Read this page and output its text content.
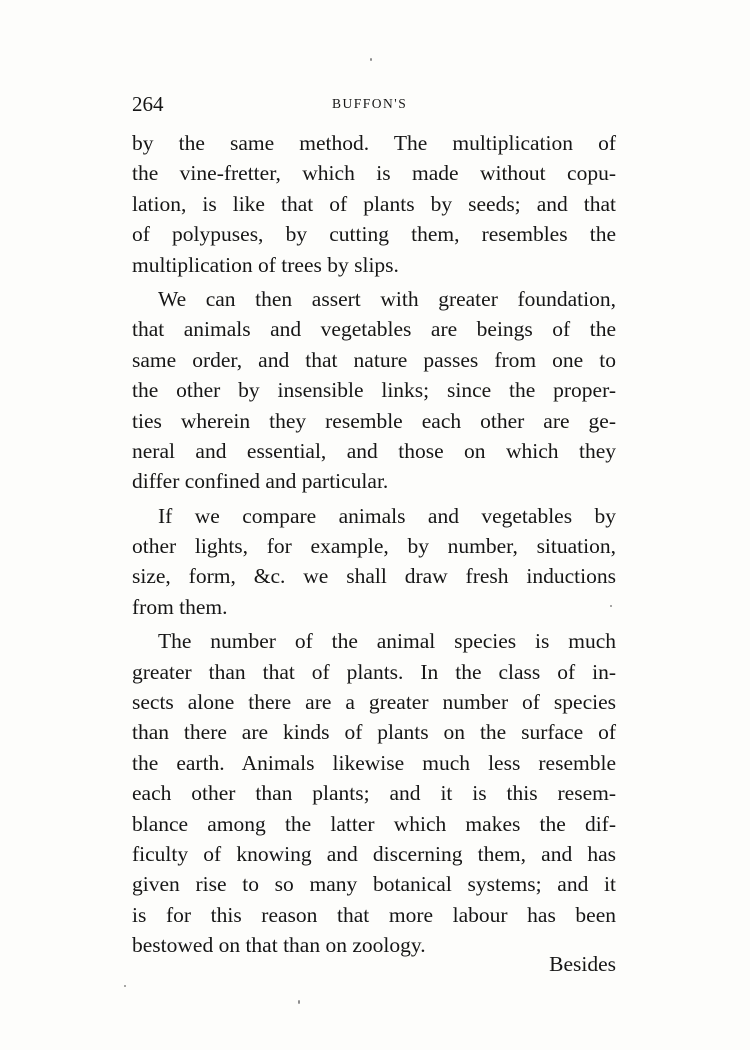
264	BUFFON'S
by the same method. The multiplication of
the vine-fretter, which is made without copu-
lation, is like that of plants by seeds; and that
of polypuses, by cutting them, resembles the
multiplication of trees by slips.
We can then assert with greater foundation,
that animals and vegetables are beings of the
same order, and that nature passes from one to
the other by insensible links; since the proper-
ties wherein they resemble each other are ge-
neral and essential, and those on which they
differ confined and particular.
If we compare animals and vegetables by
other lights, for example, by number, situation,
size, form, &c. we shall draw fresh inductions
from them.
The number of the animal species is much
greater than that of plants. In the class of in-
sects alone there are a greater number of species
than there are kinds of plants on the surface of
the earth. Animals likewise much less resemble
each other than plants; and it is this resem-
blance among the latter which makes the dif-
ficulty of knowing and discerning them, and has
given rise to so many botanical systems; and it
is for this reason that more labour has been
bestowed on that than on zoology.
Besides
